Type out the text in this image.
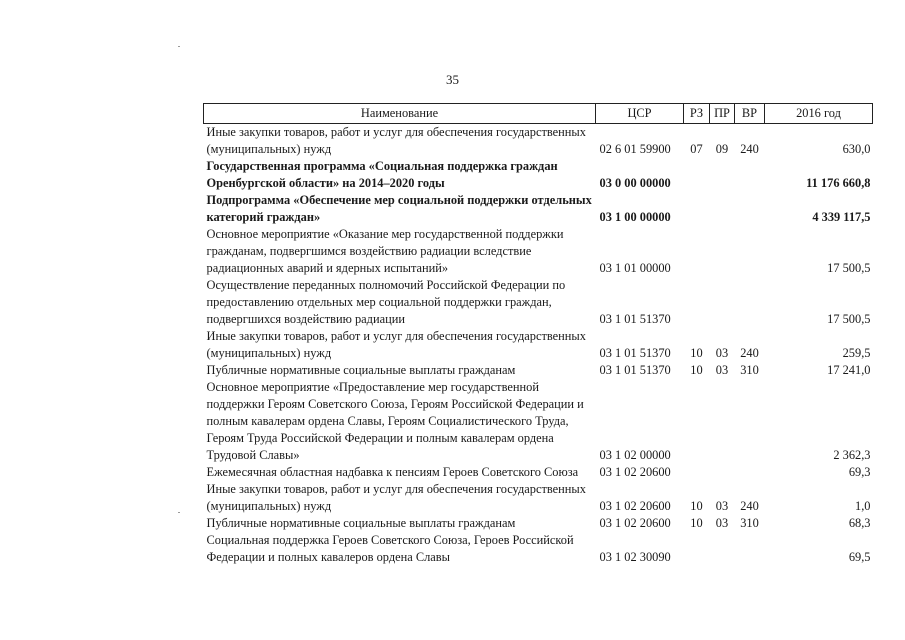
35
Наименование	ЦСР	РЗ	ПР	ВР	2016 год
Иные закупки товаров, работ и услуг для обеспечения государственных (муниципальных) нужд	02 6 01 59900	07	09	240	630,0
Государственная программа «Социальная поддержка граждан Оренбургской области» на 2014–2020 годы	03 0 00 00000				11 176 660,8
Подпрограмма «Обеспечение мер социальной поддержки отдельных категорий граждан»	03 1 00 00000				4 339 117,5
Основное мероприятие «Оказание мер государственной поддержки гражданам, подвергшимся воздействию радиации вследствие радиационных аварий и ядерных испытаний»	03 1 01 00000				17 500,5
Осуществление переданных полномочий Российской Федерации по предоставлению отдельных мер социальной поддержки граждан, подвергшихся воздействию радиации	03 1 01 51370				17 500,5
Иные закупки товаров, работ и услуг для обеспечения государственных (муниципальных) нужд	03 1 01 51370	10	03	240	259,5
Публичные нормативные социальные выплаты гражданам	03 1 01 51370	10	03	310	17 241,0
Основное мероприятие «Предоставление мер государственной поддержки Героям Советского Союза, Героям Российской Федерации и полным кавалерам ордена Славы, Героям Социалистического Труда, Героям Труда Российской Федерации и полным кавалерам ордена Трудовой Славы»	03 1 02 00000				2 362,3
Ежемесячная областная надбавка к пенсиям Героев Советского Союза	03 1 02 20600				69,3
Иные закупки товаров, работ и услуг для обеспечения государственных (муниципальных) нужд	03 1 02 20600	10	03	240	1,0
Публичные нормативные социальные выплаты гражданам	03 1 02 20600	10	03	310	68,3
Социальная поддержка Героев Советского Союза, Героев Российской Федерации и полных кавалеров ордена Славы	03 1 02 30090				69,5
